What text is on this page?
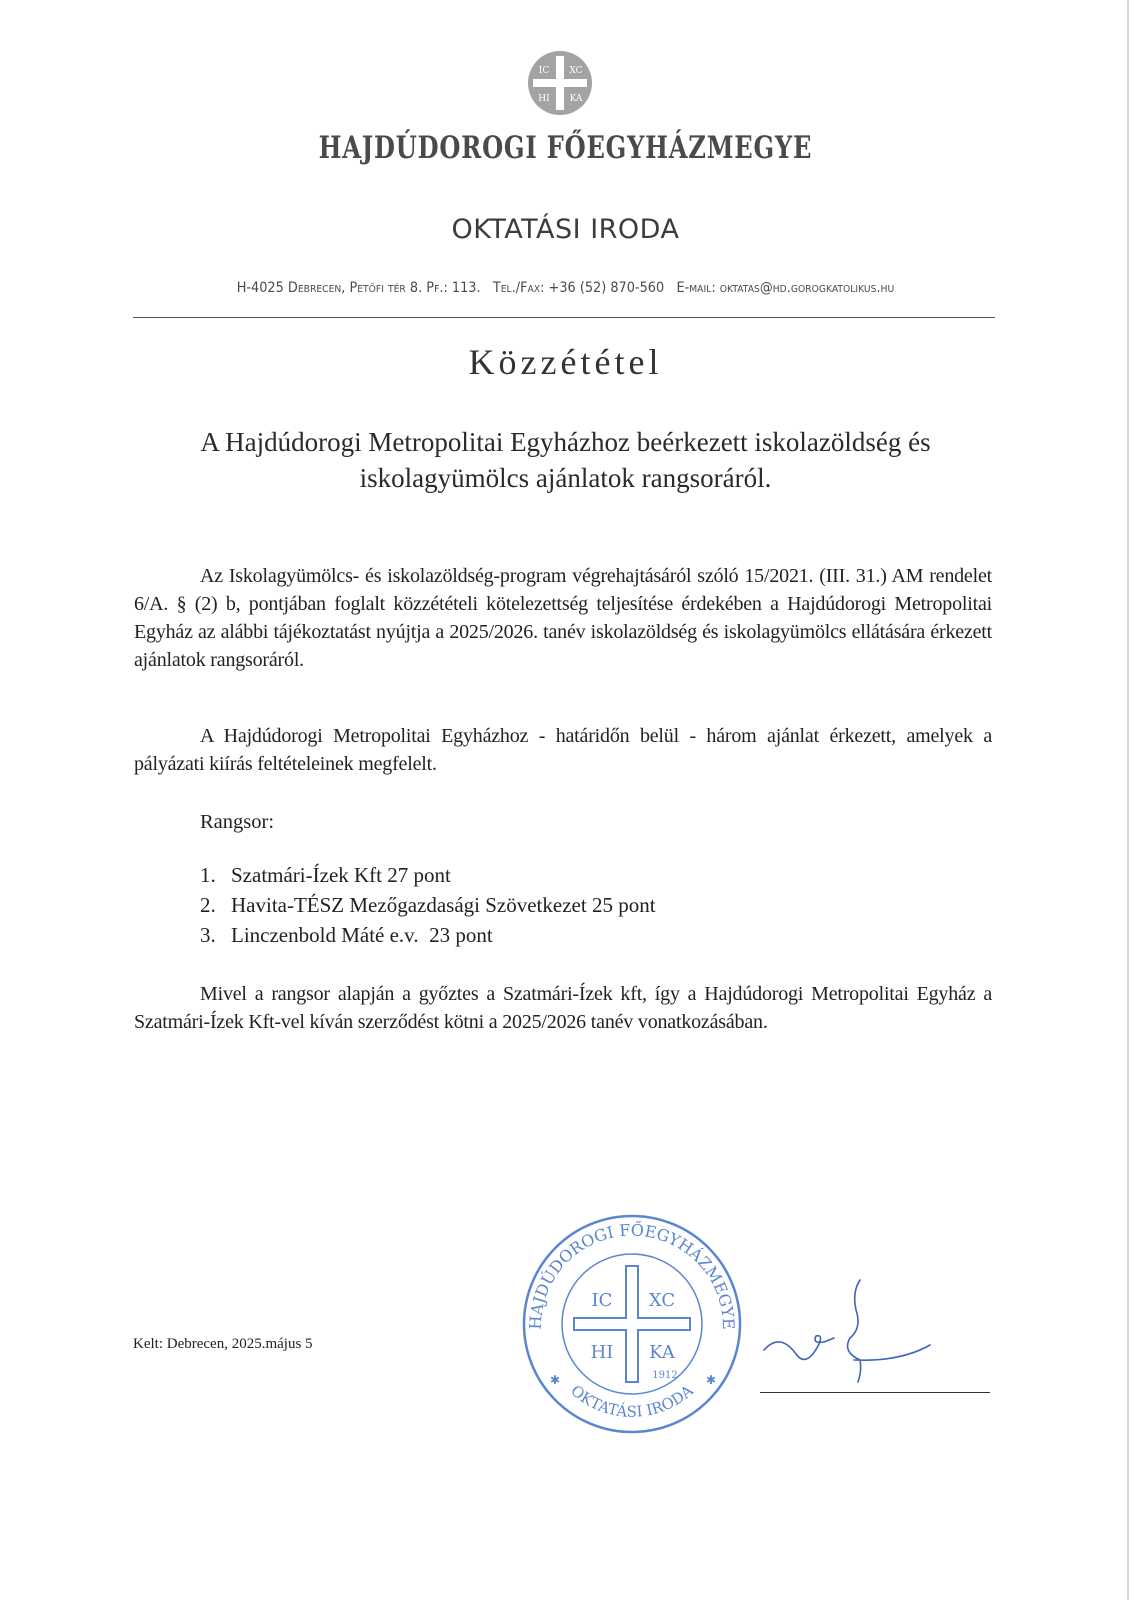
IC XC
HI KA
HAJDÚDOROGI FŐEGYHÁZMEGYE
OKTATÁSI IRODA
H-4025 Debrecen, Petőfi tér 8. Pf.: 113. Tel./Fax: +36 (52) 870-560 E-mail: oktatas@hd.gorogkatolikus.hu
Közzététel
A Hajdúdorogi Metropolitai Egyházhoz beérkezett iskolazöldség és
iskolagyümölcs ajánlatok rangsoráról.
Az Iskolagyümölcs- és iskolazöldség-program végrehajtásáról szóló 15/2021. (III. 31.) AM rendelet 6/A. § (2) b, pontjában foglalt közzétételi kötelezettség teljesítése érdekében a Hajdúdorogi Metropolitai Egyház az alábbi tájékoztatást nyújtja a 2025/2026. tanév iskolazöldség és iskolagyümölcs ellátására érkezett ajánlatok rangsoráról.
A Hajdúdorogi Metropolitai Egyházhoz - határidőn belül - három ajánlat érkezett, amelyek a pályázati kiírás feltételeinek megfelelt.
Rangsor:
1. Szatmári-Ízek Kft 27 pont
2. Havita-TÉSZ Mezőgazdasági Szövetkezet 25 pont
3. Linczenbold Máté e.v.  23 pont
Mivel a rangsor alapján a győztes a Szatmári-Ízek kft, így a Hajdúdorogi Metropolitai Egyház a Szatmári-Ízek Kft-vel kíván szerződést kötni a 2025/2026 tanév vonatkozásában.
Kelt: Debrecen, 2025.május 5
HAJDÚDOROGI FŐEGYHÁZMEGYE
OKTATÁSI IRODA
IC XC
HI KA
1912
✱	✱
